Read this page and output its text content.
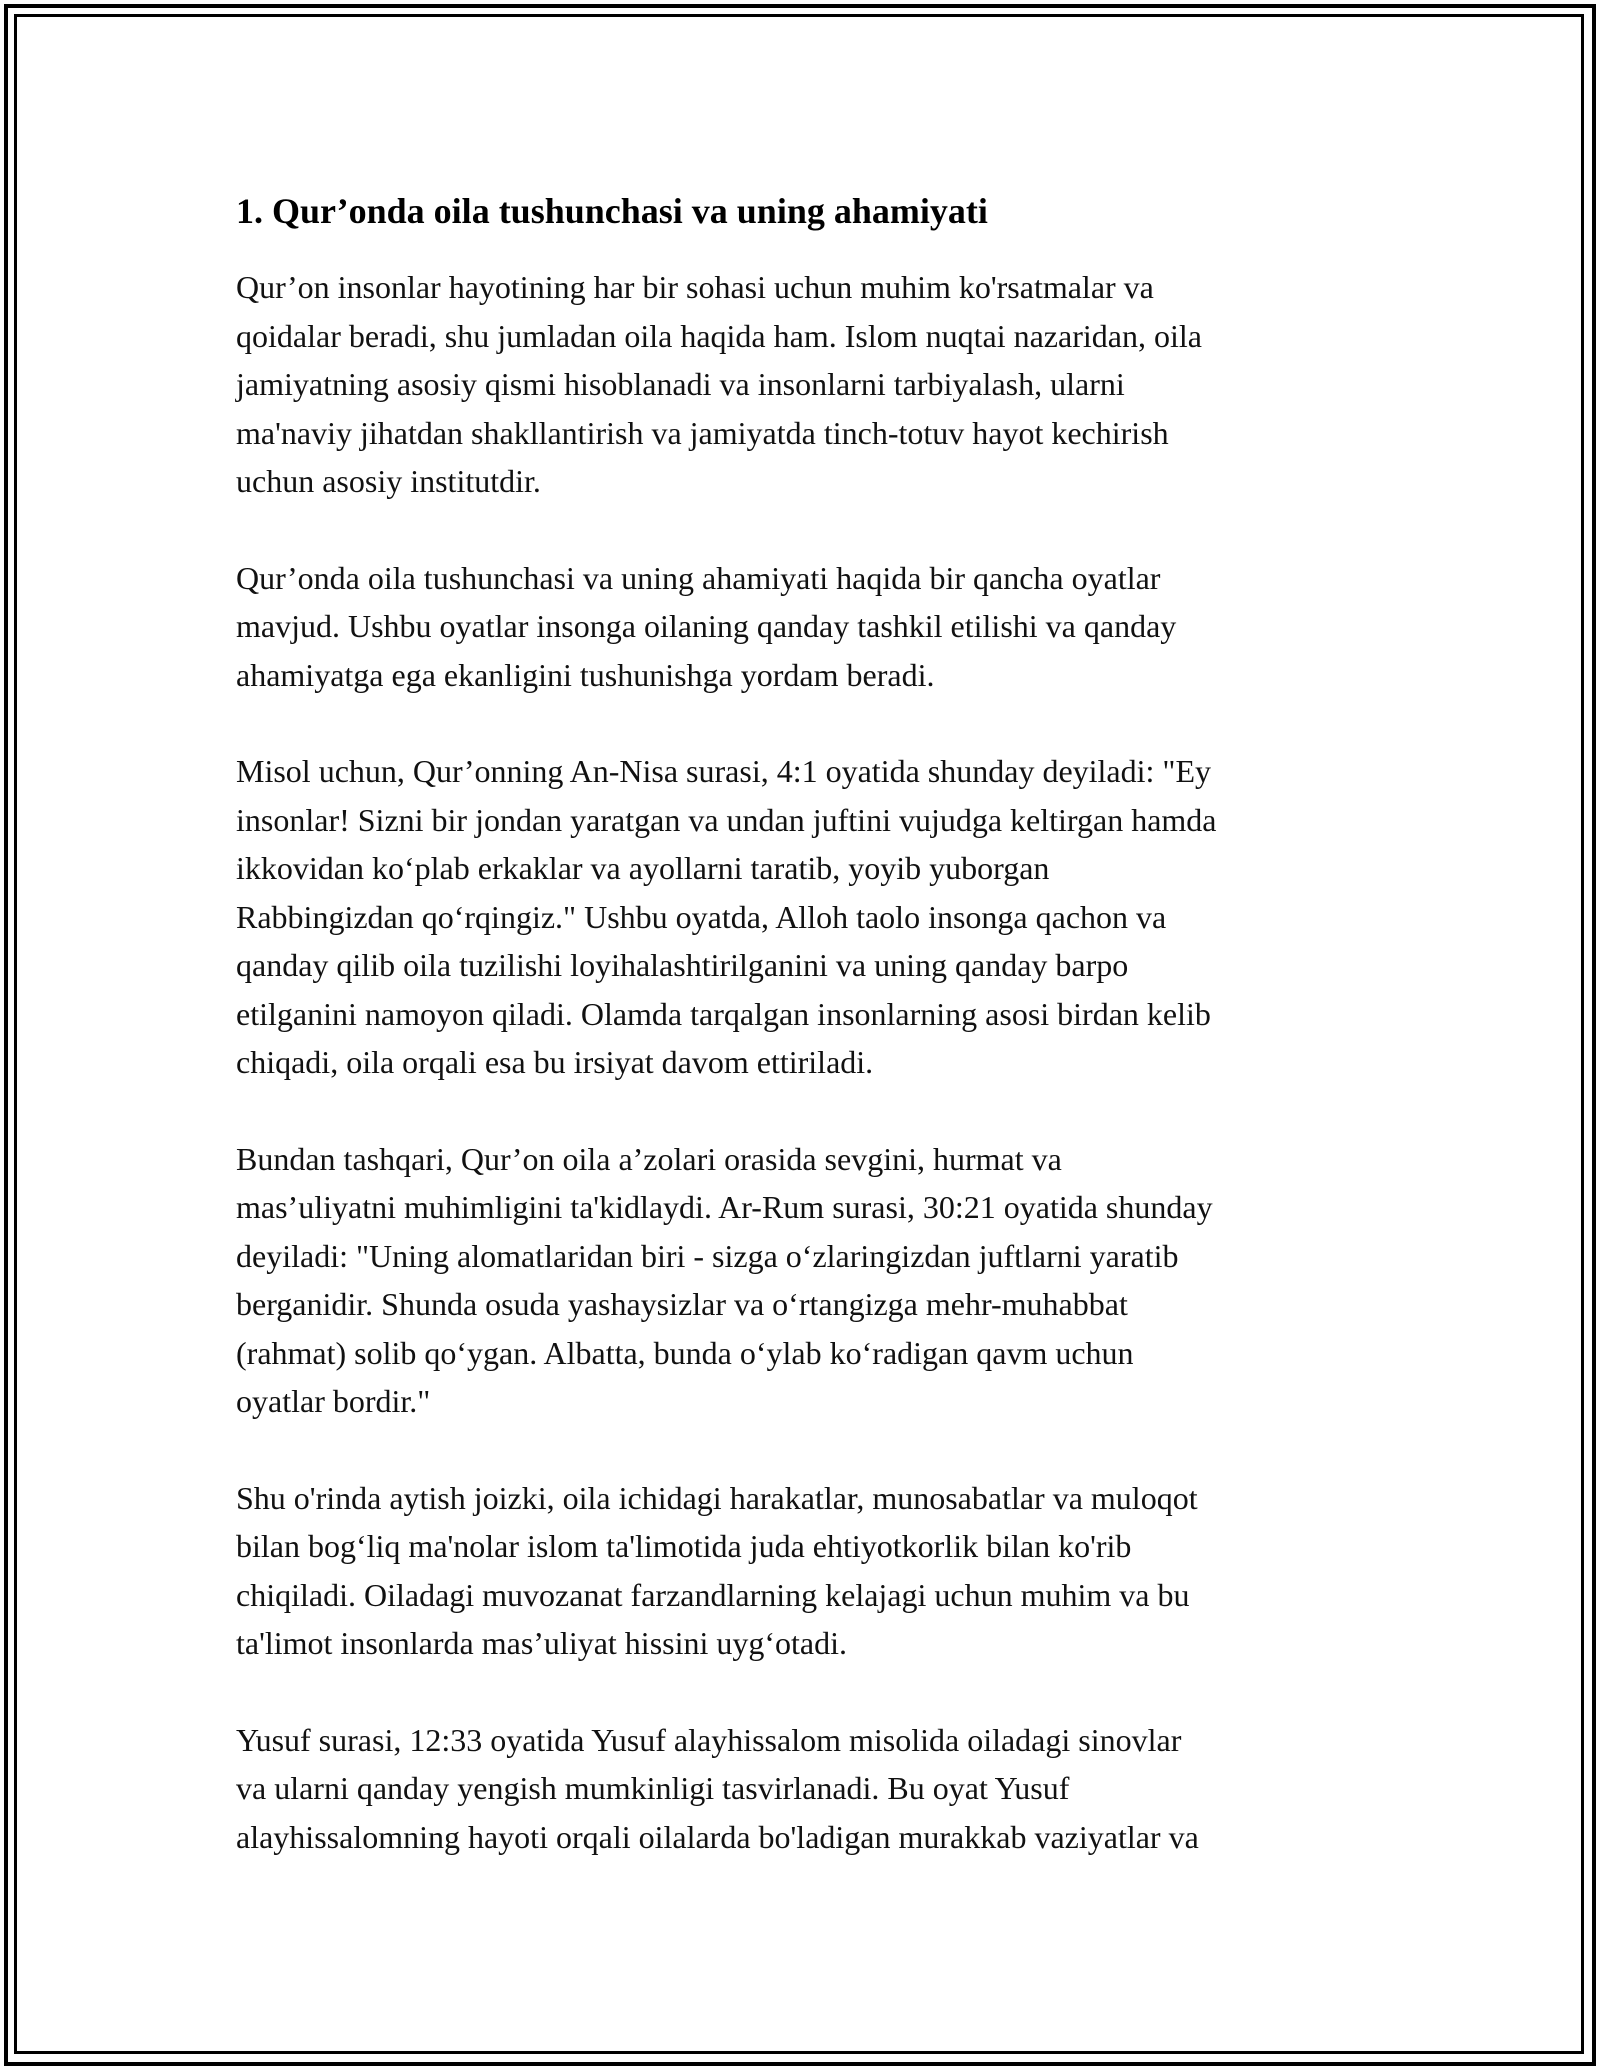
1. Qur’onda oila tushunchasi va uning ahamiyati

Qur’on insonlar hayotining har bir sohasi uchun muhim ko'rsatmalar va
qoidalar beradi, shu jumladan oila haqida ham. Islom nuqtai nazaridan, oila
jamiyatning asosiy qismi hisoblanadi va insonlarni tarbiyalash, ularni
ma'naviy jihatdan shakllantirish va jamiyatda tinch-totuv hayot kechirish
uchun asosiy institutdir.

Qur’onda oila tushunchasi va uning ahamiyati haqida bir qancha oyatlar
mavjud. Ushbu oyatlar insonga oilaning qanday tashkil etilishi va qanday
ahamiyatga ega ekanligini tushunishga yordam beradi.

Misol uchun, Qur’onning An-Nisa surasi, 4:1 oyatida shunday deyiladi: "Ey
insonlar! Sizni bir jondan yaratgan va undan juftini vujudga keltirgan hamda
ikkovidan ko‘plab erkaklar va ayollarni taratib, yoyib yuborgan
Rabbingizdan qo‘rqingiz." Ushbu oyatda, Alloh taolo insonga qachon va
qanday qilib oila tuzilishi loyihalashtirilganini va uning qanday barpo
etilganini namoyon qiladi. Olamda tarqalgan insonlarning asosi birdan kelib
chiqadi, oila orqali esa bu irsiyat davom ettiriladi.

Bundan tashqari, Qur’on oila a’zolari orasida sevgini, hurmat va
mas’uliyatni muhimligini ta'kidlaydi. Ar-Rum surasi, 30:21 oyatida shunday
deyiladi: "Uning alomatlaridan biri - sizga o‘zlaringizdan juftlarni yaratib
berganidir. Shunda osuda yashaysizlar va o‘rtangizga mehr-muhabbat
(rahmat) solib qo‘ygan. Albatta, bunda o‘ylab ko‘radigan qavm uchun
oyatlar bordir."

Shu o'rinda aytish joizki, oila ichidagi harakatlar, munosabatlar va muloqot
bilan bog‘liq ma'nolar islom ta'limotida juda ehtiyotkorlik bilan ko'rib
chiqiladi. Oiladagi muvozanat farzandlarning kelajagi uchun muhim va bu
ta'limot insonlarda mas’uliyat hissini uyg‘otadi.

Yusuf surasi, 12:33 oyatida Yusuf alayhissalom misolida oiladagi sinovlar
va ularni qanday yengish mumkinligi tasvirlanadi. Bu oyat Yusuf
alayhissalomning hayoti orqali oilalarda bo'ladigan murakkab vaziyatlar va
